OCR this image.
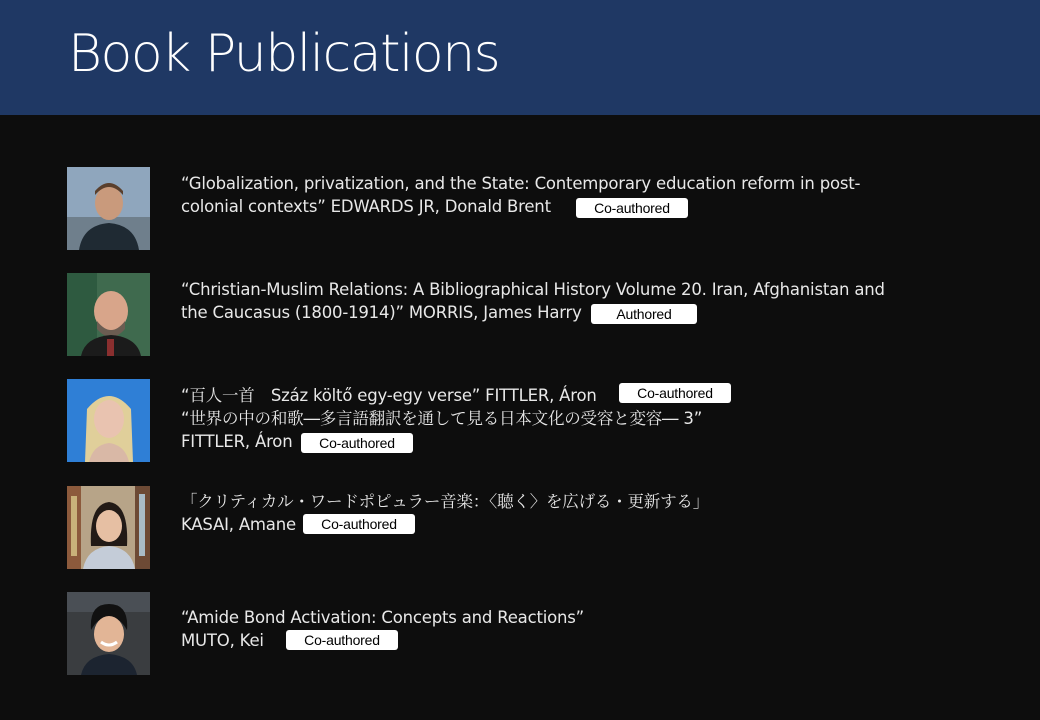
Book Publications
“Globalization, privatization, and the State: Contemporary education reform in post-
colonial contexts” EDWARDS JR, Donald Brent	Co-authored
“Christian-Muslim Relations: A Bibliographical History Volume 20. Iran, Afghanistan and
the Caucasus (1800-1914)” MORRIS, James Harry	Authored
“百人一首　Száz költő egy-egy verse” FITTLER, Áron	Co-authored
“世界の中の和歌―多言語翻訳を通して見る日本文化の受容と変容― 3”
FITTLER, Áron	Co-authored
「クリティカル・ワードポピュラー音楽：〈聴く〉を広げる・更新する」
KASAI, Amane	Co-authored
“Amide Bond Activation: Concepts and Reactions”
MUTO, Kei	Co-authored
